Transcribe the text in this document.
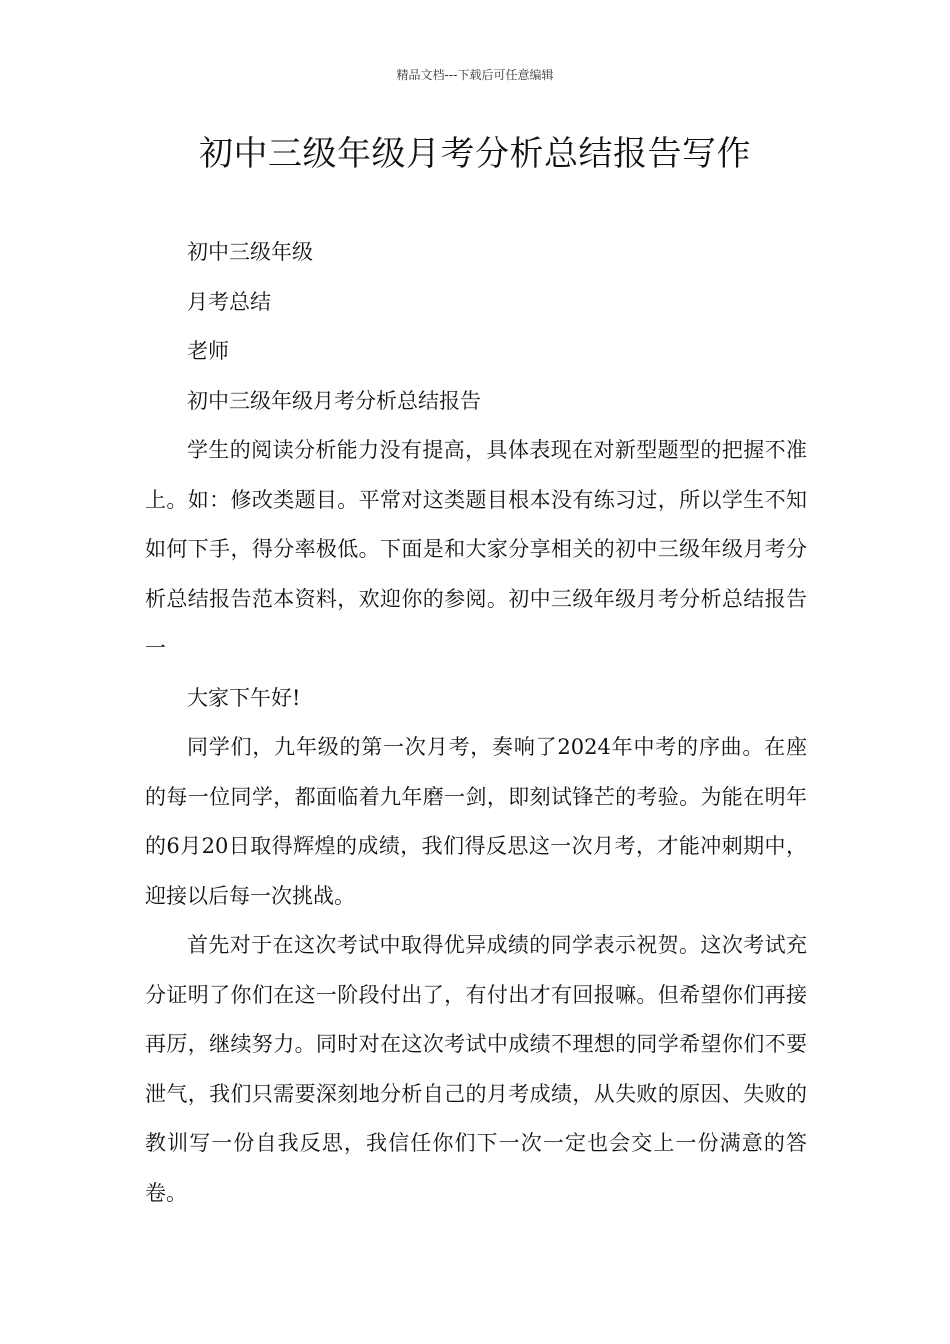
精品文档---下载后可任意编辑
初中三级年级月考分析总结报告写作

初中三级年级

月考总结

老师

初中三级年级月考分析总结报告

学生的阅读分析能力没有提高，具体表现在对新型题型的把握不准上。如：修改类题目。平常对这类题目根本没有练习过，所以学生不知如何下手，得分率极低。下面是和大家分享相关的初中三级年级月考分析总结报告范本资料，欢迎你的参阅。初中三级年级月考分析总结报告一

大家下午好!

同学们，九年级的第一次月考，奏响了2024年中考的序曲。在座的每一位同学，都面临着九年磨一剑，即刻试锋芒的考验。为能在明年的6月20日取得辉煌的成绩，我们得反思这一次月考，才能冲刺期中，迎接以后每一次挑战。

首先对于在这次考试中取得优异成绩的同学表示祝贺。这次考试充分证明了你们在这一阶段付出了，有付出才有回报嘛。但希望你们再接再厉，继续努力。同时对在这次考试中成绩不理想的同学希望你们不要泄气，我们只需要深刻地分析自己的月考成绩，从失败的原因、失败的教训写一份自我反思，我信任你们下一次一定也会交上一份满意的答卷。
